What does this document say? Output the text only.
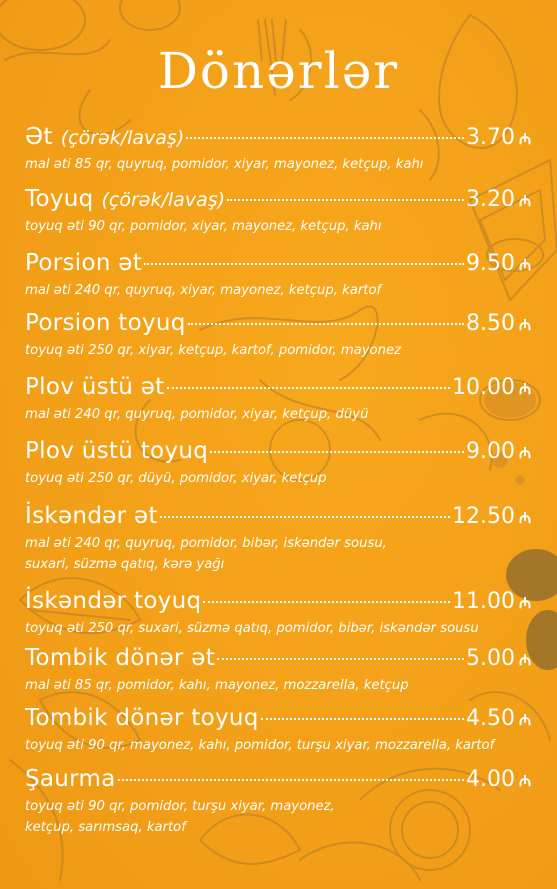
Dönərlər
Ət (çörək/lavaş)	3.70 ₼
mal əti 85 qr, quyruq, pomidor, xiyar, mayonez, ketçup, kahı
Toyuq (çörək/lavaş)	3.20 ₼
toyuq əti 90 qr, pomidor, xiyar, mayonez, ketçup, kahı
Porsion ət	9.50 ₼
mal əti 240 qr, quyruq, xiyar, mayonez, ketçup, kartof
Porsion toyuq	8.50 ₼
toyuq əti 250 qr, xiyar, ketçup, kartof, pomidor, mayonez
Plov üstü ət	10.00 ₼
mal əti 240 qr, quyruq, pomidor, xiyar, ketçup, düyü
Plov üstü toyuq	9.00 ₼
toyuq əti 250 qr, düyü, pomidor, xiyar, ketçup
İskəndər ət	12.50 ₼
mal əti 240 qr, quyruq, pomidor, bibər, iskəndər sousu,
suxari, süzmə qatıq, kərə yağı
İskəndər toyuq	11.00 ₼
toyuq əti 250 qr, suxari, süzmə qatıq, pomidor, bibər, iskəndər sousu
Tombik dönər ət	5.00 ₼
mal əti 85 qr, pomidor, kahı, mayonez, mozzarella, ketçup
Tombik dönər toyuq	4.50 ₼
toyuq əti 90 qr, mayonez, kahı, pomidor, turşu xiyar, mozzarella, kartof
Şaurma	4.00 ₼
toyuq əti 90 qr, pomidor, turşu xiyar, mayonez,
ketçup, sarımsaq, kartof
